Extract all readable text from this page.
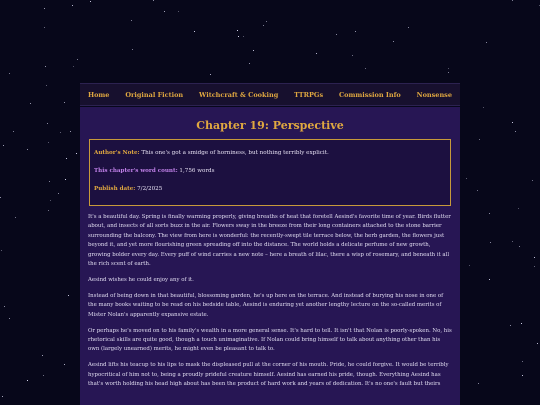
Home Original Fiction Witchcraft & Cooking TTRPGs Commission Info Nonsense
Chapter 19: Perspective
Author's Note: This one's got a smidge of horniness, but nothing terribly explicit.
This chapter's word count: 1,756 words
Publish date: 7/2/2025

It's a beautiful day. Spring is finally warming properly, giving breaths of heat that foretell Aesind's favorite time of year. Birds flutter about, and insects of all sorts buzz in the air. Flowers sway in the breeze from their long containers attached to the stone barrier surrounding the balcony. The view from here is wonderful: the recently-swept tile terrace below, the herb garden, the flowers just beyond it, and yet more flourishing green spreading off into the distance. The world holds a delicate perfume of new growth, growing bolder every day. Every puff of wind carries a new note – here a breath of lilac, there a wisp of rosemary, and beneath it all the rich scent of earth.

Aesind wishes he could enjoy any of it.

Instead of being down in that beautiful, blossoming garden, he's up here on the terrace. And instead of burying his nose in one of the many books waiting to be read on his bedside table, Aesind is enduring yet another lengthy lecture on the so-called merits of Mister Nolan's apparently expansive estate.

Or perhaps he's moved on to his family's wealth in a more general sense. It's hard to tell. It isn't that Nolan is poorly-spoken. No, his rhetorical skills are quite good, though a touch unimaginative. If Nolan could bring himself to talk about anything other than his own (largely unearned) merits, he might even be pleasant to talk to.

Aesind lifts his teacup to his lips to mask the displeased pull at the corner of his mouth. Pride, he could forgive. It would be terribly hypocritical of him not to, being a proudly prideful creature himself. Aesind has earned his pride, though. Everything Aesind has that's worth holding his head high about has been the product of hard work and years of dedication. It's no one's fault but theirs
